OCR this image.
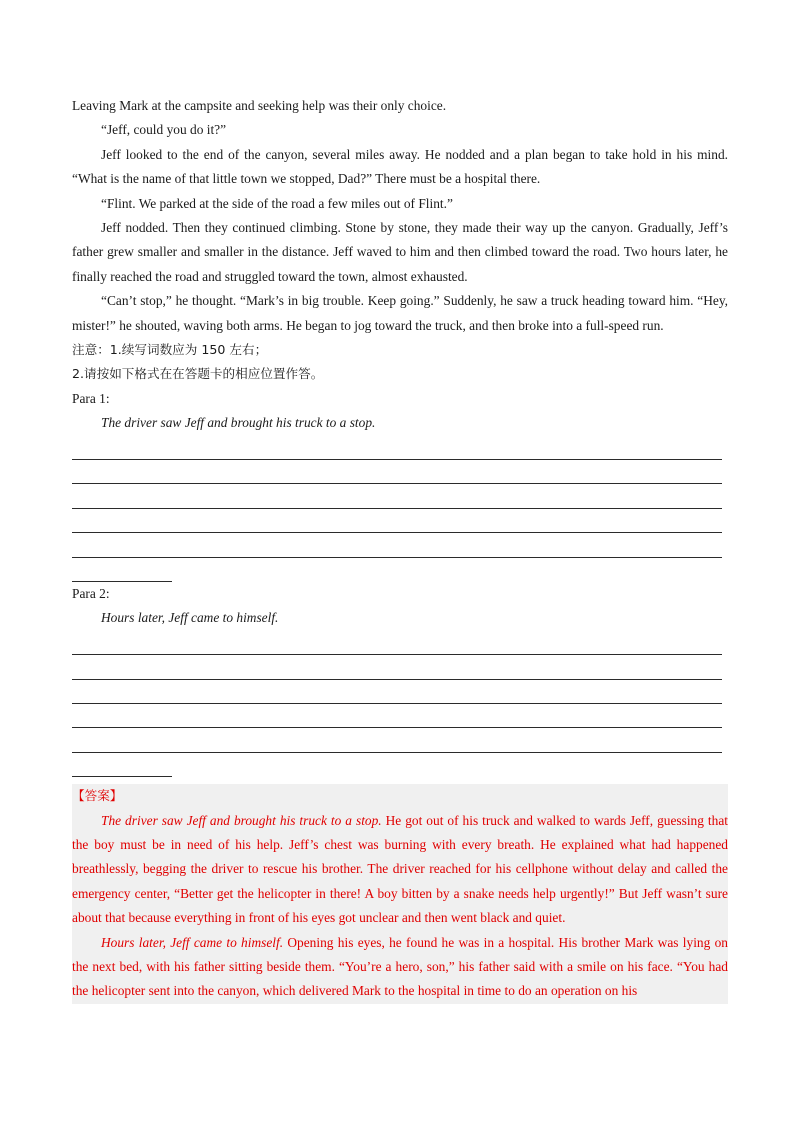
Leaving Mark at the campsite and seeking help was their only choice.

“Jeff, could you do it?”

Jeff looked to the end of the canyon, several miles away. He nodded and a plan began to take hold in his mind. “What is the name of that little town we stopped, Dad?” There must be a hospital there.

“Flint. We parked at the side of the road a few miles out of Flint.”

Jeff nodded. Then they continued climbing. Stone by stone, they made their way up the canyon. Gradually, Jeff’s father grew smaller and smaller in the distance. Jeff waved to him and then climbed toward the road. Two hours later, he finally reached the road and struggled toward the town, almost exhausted.

“Can’t stop,” he thought. “Mark’s in big trouble. Keep going.” Suddenly, he saw a truck heading toward him. “Hey, mister!” he shouted, waving both arms. He began to jog toward the truck, and then broke into a full-speed run.

注意：1.续写词数应为 150 左右；

2.请按如下格式在在答题卡的相应位置作答。

Para 1:

The driver saw Jeff and brought his truck to a stop.

Para 2:

Hours later, Jeff came to himself.

【答案】

The driver saw Jeff and brought his truck to a stop. He got out of his truck and walked to wards Jeff, guessing that the boy must be in need of his help. Jeff’s chest was burning with every breath. He explained what had happened breathlessly, begging the driver to rescue his brother. The driver reached for his cellphone without delay and called the emergency center, “Better get the helicopter in there! A boy bitten by a snake needs help urgently!” But Jeff wasn’t sure about that because everything in front of his eyes got unclear and then went black and quiet.

Hours later, Jeff came to himself. Opening his eyes, he found he was in a hospital. His brother Mark was lying on the next bed, with his father sitting beside them. “You’re a hero, son,” his father said with a smile on his face. “You had the helicopter sent into the canyon, which delivered Mark to the hospital in time to do an operation on his
